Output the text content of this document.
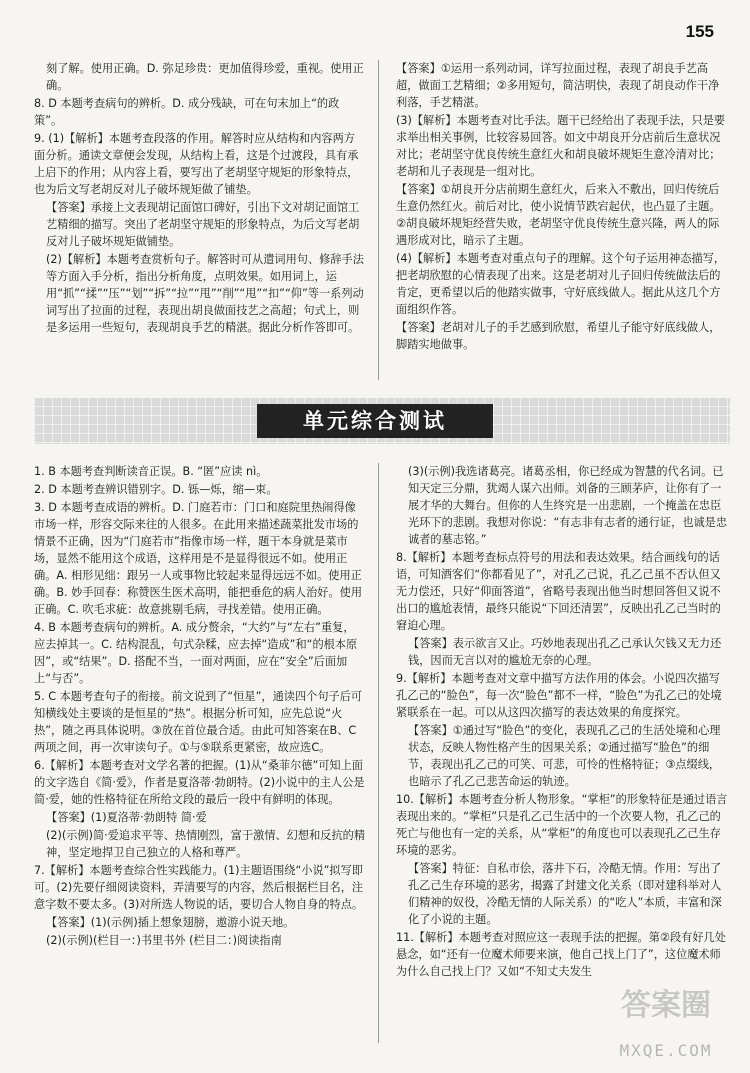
155

刻了解。使用正确。D. 弥足珍贵：更加值得珍爱，重视。使用正确。

8. D 本题考查病句的辨析。D. 成分残缺，可在句末加上“的政策”。

9. (1)【解析】本题考查段落的作用。解答时应从结构和内容两方面分析。通读文章便会发现，从结构上看，这是个过渡段，具有承上启下的作用；从内容上看，要写出了老胡坚守规矩的形象特点，也为后文写老胡反对儿子破坏规矩做了铺垫。

【答案】承接上文表现胡记面馆口碑好，引出下文对胡记面馆工艺精细的描写。突出了老胡坚守规矩的形象特点，为后文写老胡反对儿子破坏规矩做铺垫。

(2)【解析】本题考查赏析句子。解答时可从遣词用句、修辞手法等方面入手分析，指出分析角度，点明效果。如用词上，运用“抓”“揉”“压”“划”“拆”“拉”“甩”“削”“甩”“扣”“仰”等一系列动词写出了拉面的过程，表现出胡良做面技艺之高超；句式上，则是多运用一些短句，表现胡良手艺的精湛。据此分析作答即可。

【答案】①运用一系列动词，详写拉面过程，表现了胡良手艺高超，做面工艺精细；②多用短句，简洁明快，表现了胡良动作干净利落，手艺精湛。

(3)【解析】本题考查对比手法。题干已经给出了表现手法，只是要求举出相关事例，比较容易回答。如文中胡良开分店前后生意状况对比；老胡坚守优良传统生意红火和胡良破坏规矩生意冷清对比；老胡和儿子表现是一组对比。

【答案】①胡良开分店前期生意红火，后来入不敷出，回归传统后生意仍然红火。前后对比，使小说情节跌宕起伏，也凸显了主题。②胡良破坏规矩经营失败，老胡坚守优良传统生意兴隆，两人的际遇形成对比，暗示了主题。

(4)【解析】本题考查对重点句子的理解。这个句子运用神态描写，把老胡欣慰的心情表现了出来。这是老胡对儿子回归传统做法后的肯定，更希望以后的他踏实做事，守好底线做人。据此从这几个方面组织作答。

【答案】老胡对儿子的手艺感到欣慰，希望儿子能守好底线做人，脚踏实地做事。

单元综合测试

1. B 本题考查判断读音正误。B. “匿”应读 nì。

2. D 本题考查辨识错别字。D. 铄—烁，缩—束。

3. D 本题考查成语的辨析。D. 门庭若市：门口和庭院里热闹得像市场一样，形容交际来往的人很多。在此用来描述蔬菜批发市场的情景不正确，因为“门庭若市”指像市场一样，题干本身就是菜市场，显然不能用这个成语，这样用是不是显得很远不如。使用正确。A. 相形见绌：跟另一人或事物比较起来显得远远不如。使用正确。B. 妙手回春：称赞医生医术高明，能把垂危的病人治好。使用正确。C. 吹毛求疵：故意挑剔毛病，寻找差错。使用正确。

4. B 本题考查病句的辨析。A. 成分赘余，“大约”与“左右”重复，应去掉其一。C. 结构混乱，句式杂糅，应去掉“造成”和“的根本原因”，或“结果”。D. 搭配不当，一面对两面，应在“安全”后面加上“与否”。

5. C 本题考查句子的衔接。前文说到了“恒星”，通读四个句子后可知横线处主要谈的是恒星的“热”。根据分析可知，应先总说“火热”，随之再具体说明。③放在首位最合适。由此可知答案在B、C两项之间，再一次审读句子。①与⑤联系更紧密，故应选C。

6.【解析】本题考查对文学名著的把握。(1)从“桑菲尔德”可知上面的文字选自《简·爱》，作者是夏洛蒂·勃朗特。(2)小说中的主人公是简·爱，她的性格特征在所给文段的最后一段中有鲜明的体现。

【答案】(1)夏洛蒂·勃朗特 简·爱

(2)(示例)简·爱追求平等、热情刚烈，富于激情、幻想和反抗的精神，坚定地捍卫自己独立的人格和尊严。

7.【解析】本题考查综合性实践能力。(1)主题语围绕“小说”拟写即可。(2)先要仔细阅读资料，弄清要写的内容，然后根据栏目名，注意字数不要太多。(3)对所选人物说的话，要切合人物自身的特点。

【答案】(1)(示例)插上想象翅膀，遨游小说天地。

(2)(示例)(栏目一：)书里书外 (栏目二：)阅读指南

(3)(示例)我选诸葛亮。诸葛丞相，你已经成为智慧的代名词。已知天定三分鼎，犹竭人谋六出师。刘备的三顾茅庐，让你有了一展才华的大舞台。但你的人生终究是一出悲剧，一个掩盖在忠臣光环下的悲剧。我想对你说：“有志非有志者的通行证，也诚是忠诚者的墓志铭。”

8.【解析】本题考查标点符号的用法和表达效果。结合画线句的话语，可知酒客们“你都看见了”，对孔乙己说，孔乙己虽不否认但又无力偿还，只好“仰面答道”，省略号表现出他当时想回答但又说不出口的尴尬表情，最终只能说“下回还清罢”，反映出孔乙己当时的窘迫心理。

【答案】表示欲言又止。巧妙地表现出孔乙己承认欠钱又无力还钱，因而无言以对的尴尬无奈的心理。

9.【解析】本题考查对文章中描写方法作用的体会。小说四次描写孔乙己的“脸色”，每一次“脸色”都不一样，“脸色”为孔乙己的处境紧联系在一起。可以从这四次描写的表达效果的角度探究。

【答案】①通过写“脸色”的变化，表现孔乙己的生活处境和心理状态，反映人物性格产生的因果关系；②通过描写“脸色”的细节，表现出孔乙己的可笑、可悲，可怜的性格特征；③点缀线，也暗示了孔乙己悲苦命运的轨迹。

10.【解析】本题考查分析人物形象。“掌柜”的形象特征是通过语言表现出来的。“掌柜”只是孔乙己生活中的一个次要人物，孔乙己的死亡与他也有一定的关系，从“掌柜”的角度也可以表现孔乙己生存环境的恶劣。

【答案】特征：自私市侩，落井下石，冷酷无情。作用：写出了孔乙己生存环境的恶劣，揭露了封建文化关系（即对建科举对人们精神的奴役，冷酷无情的人际关系）的“吃人”本质，丰富和深化了小说的主题。

11.【解析】本题考查对照应这一表现手法的把握。第②段有好几处悬念，如“还有一位魔术师要来演，他自己找上门了”，这位魔术师为什么自己找上门？又如“不知丈夫发生

答案圈
MXQE.COM
